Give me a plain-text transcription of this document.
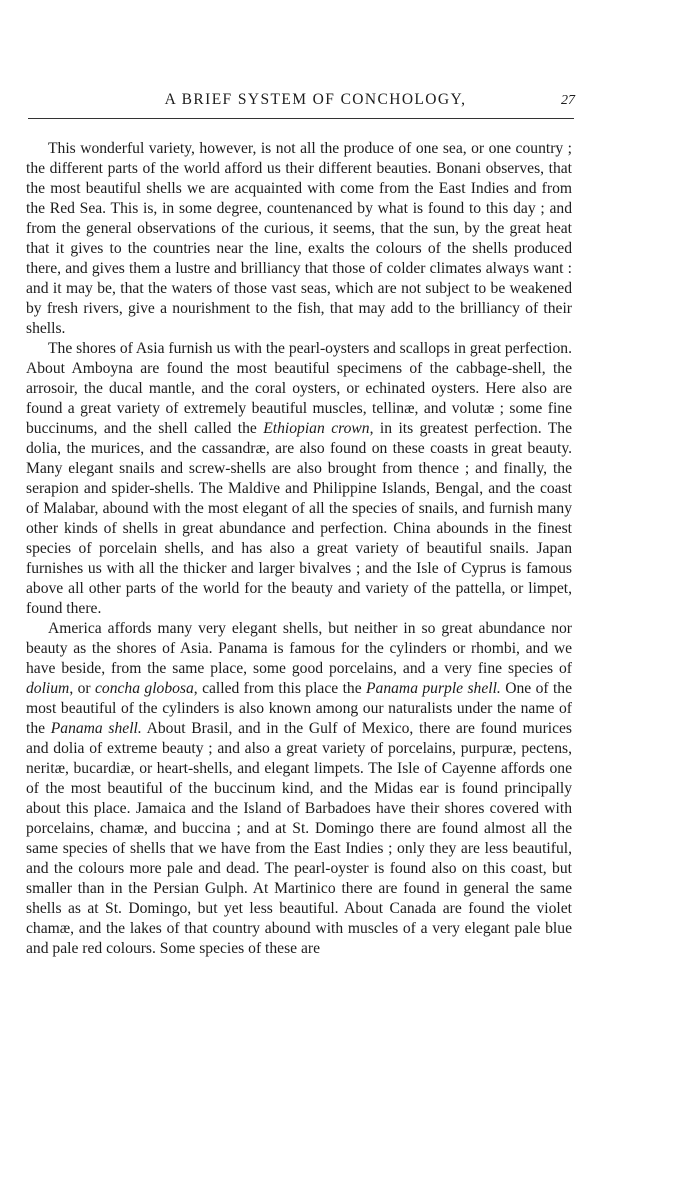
A BRIEF SYSTEM OF CONCHOLOGY,	27

This wonderful variety, however, is not all the produce of one sea, or one country ; the different parts of the world afford us their different beauties. Bonani observes, that the most beautiful shells we are acquainted with come from the East Indies and from the Red Sea. This is, in some degree, countenanced by what is found to this day ; and from the general observations of the curious, it seems, that the sun, by the great heat that it gives to the countries near the line, exalts the colours of the shells produced there, and gives them a lustre and brilliancy that those of colder climates always want : and it may be, that the waters of those vast seas, which are not subject to be weakened by fresh rivers, give a nourishment to the fish, that may add to the brilliancy of their shells.

The shores of Asia furnish us with the pearl-oysters and scallops in great perfection. About Amboyna are found the most beautiful specimens of the cabbage-shell, the arrosoir, the ducal mantle, and the coral oysters, or echinated oysters. Here also are found a great variety of extremely beautiful muscles, tellinæ, and volutæ ; some fine buccinums, and the shell called the Ethiopian crown, in its greatest perfection. The dolia, the murices, and the cassandræ, are also found on these coasts in great beauty. Many elegant snails and screw-shells are also brought from thence ; and finally, the serapion and spider-shells. The Maldive and Philippine Islands, Bengal, and the coast of Malabar, abound with the most elegant of all the species of snails, and furnish many other kinds of shells in great abundance and perfection. China abounds in the finest species of porcelain shells, and has also a great variety of beautiful snails. Japan furnishes us with all the thicker and larger bivalves ; and the Isle of Cyprus is famous above all other parts of the world for the beauty and variety of the pattella, or limpet, found there.

America affords many very elegant shells, but neither in so great abundance nor beauty as the shores of Asia. Panama is famous for the cylinders or rhombi, and we have beside, from the same place, some good porcelains, and a very fine species of dolium, or concha globosa, called from this place the Panama purple shell. One of the most beautiful of the cylinders is also known among our naturalists under the name of the Panama shell. About Brasil, and in the Gulf of Mexico, there are found murices and dolia of extreme beauty ; and also a great variety of porcelains, purpuræ, pectens, neritæ, bucardiæ, or heart-shells, and elegant limpets. The Isle of Cayenne affords one of the most beautiful of the buccinum kind, and the Midas ear is found principally about this place. Jamaica and the Island of Barbadoes have their shores covered with porcelains, chamæ, and buccina ; and at St. Domingo there are found almost all the same species of shells that we have from the East Indies ; only they are less beautiful, and the colours more pale and dead. The pearl-oyster is found also on this coast, but smaller than in the Persian Gulph. At Martinico there are found in general the same shells as at St. Domingo, but yet less beautiful. About Canada are found the violet chamæ, and the lakes of that country abound with muscles of a very elegant pale blue and pale red colours. Some species of these are
